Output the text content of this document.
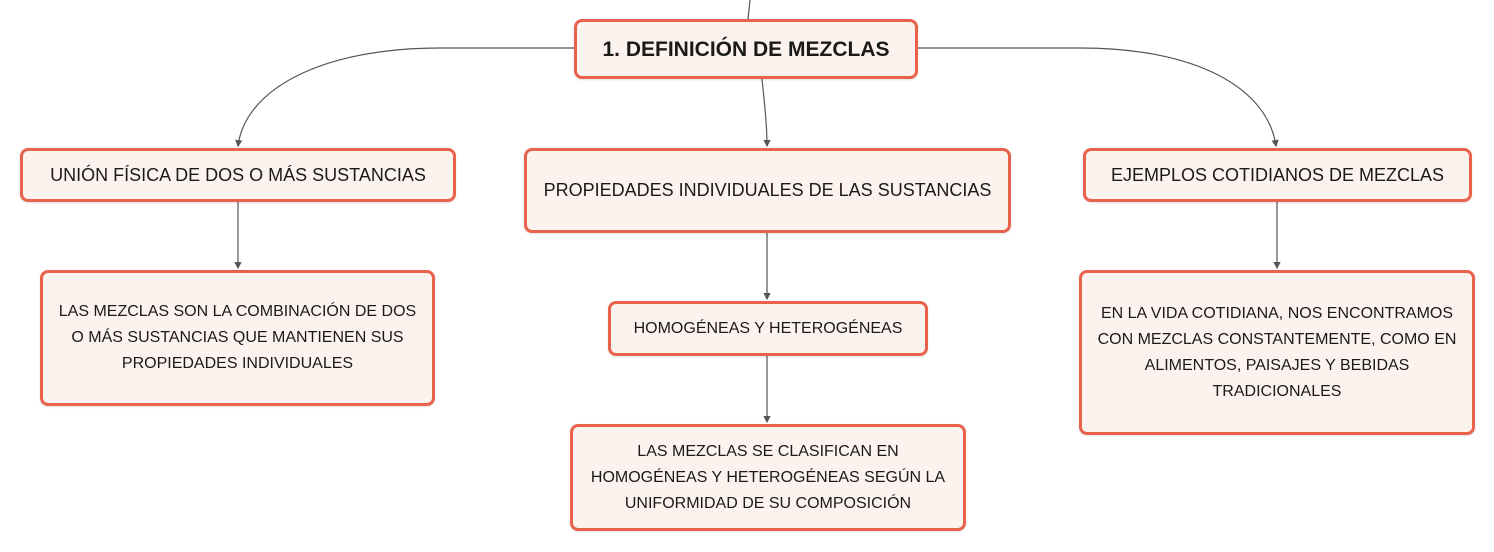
1. DEFINICIÓN DE MEZCLAS
UNIÓN FÍSICA DE DOS O MÁS SUSTANCIAS
PROPIEDADES INDIVIDUALES DE LAS SUSTANCIAS
EJEMPLOS COTIDIANOS DE MEZCLAS
LAS MEZCLAS SON LA COMBINACIÓN DE DOS O MÁS SUSTANCIAS QUE MANTIENEN SUS PROPIEDADES INDIVIDUALES
HOMOGÉNEAS Y HETEROGÉNEAS
LAS MEZCLAS SE CLASIFICAN EN HOMOGÉNEAS Y HETEROGÉNEAS SEGÚN LA UNIFORMIDAD DE SU COMPOSICIÓN
EN LA VIDA COTIDIANA, NOS ENCONTRAMOS CON MEZCLAS CONSTANTEMENTE, COMO EN ALIMENTOS, PAISAJES Y BEBIDAS TRADICIONALES
